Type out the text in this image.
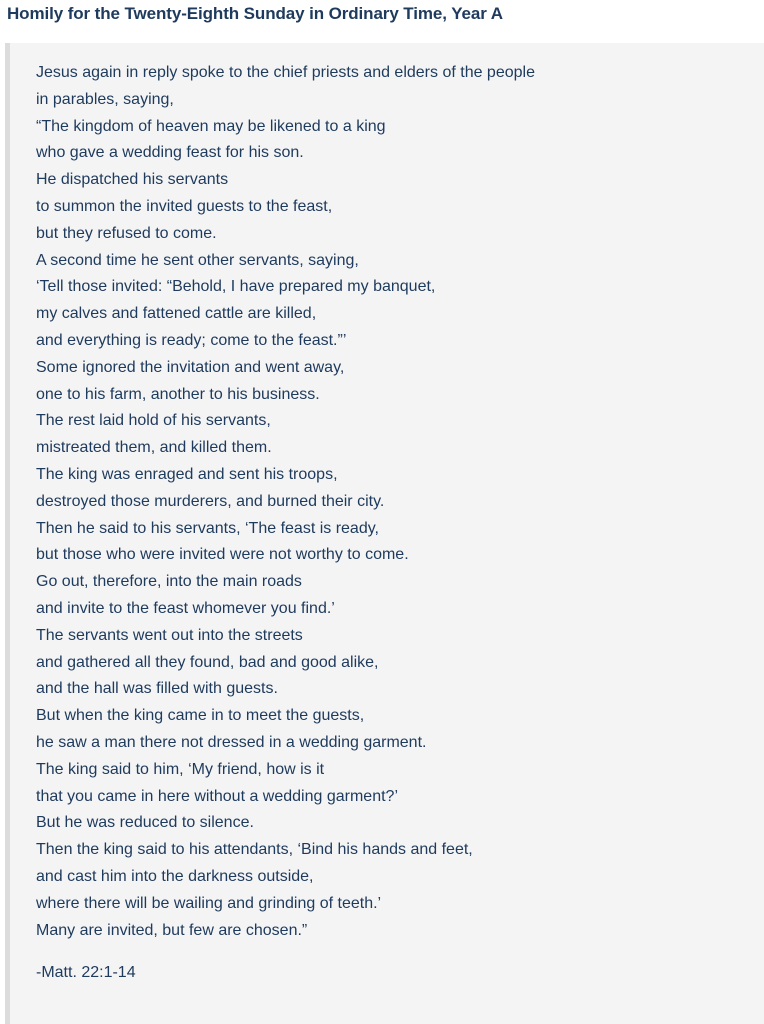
Homily for the Twenty-Eighth Sunday in Ordinary Time, Year A
Jesus again in reply spoke to the chief priests and elders of the people
in parables, saying,
“The kingdom of heaven may be likened to a king
who gave a wedding feast for his son.
He dispatched his servants
to summon the invited guests to the feast,
but they refused to come.
A second time he sent other servants, saying,
‘Tell those invited: “Behold, I have prepared my banquet,
my calves and fattened cattle are killed,
and everything is ready; come to the feast.”’
Some ignored the invitation and went away,
one to his farm, another to his business.
The rest laid hold of his servants,
mistreated them, and killed them.
The king was enraged and sent his troops,
destroyed those murderers, and burned their city.
Then he said to his servants, ‘The feast is ready,
but those who were invited were not worthy to come.
Go out, therefore, into the main roads
and invite to the feast whomever you find.’
The servants went out into the streets
and gathered all they found, bad and good alike,
and the hall was filled with guests.
But when the king came in to meet the guests,
he saw a man there not dressed in a wedding garment.
The king said to him, ‘My friend, how is it
that you came in here without a wedding garment?’
But he was reduced to silence.
Then the king said to his attendants, ‘Bind his hands and feet,
and cast him into the darkness outside,
where there will be wailing and grinding of teeth.’
Many are invited, but few are chosen.”
-Matt. 22:1-14
